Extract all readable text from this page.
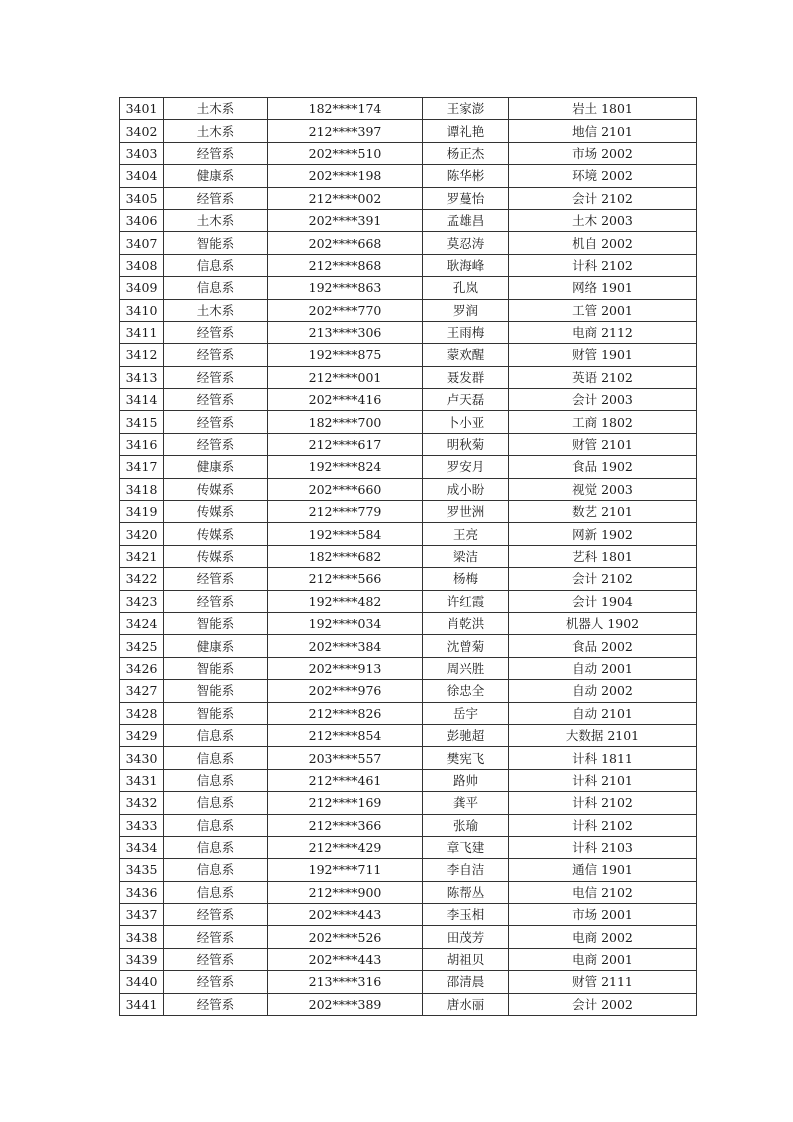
3401	土木系	182****174	王家澎	岩土 1801
3402	土木系	212****397	谭礼艳	地信 2101
3403	经管系	202****510	杨正杰	市场 2002
3404	健康系	202****198	陈华彬	环境 2002
3405	经管系	212****002	罗蔓怡	会计 2102
3406	土木系	202****391	孟雄昌	土木 2003
3407	智能系	202****668	莫忍涛	机自 2002
3408	信息系	212****868	耿海峰	计科 2102
3409	信息系	192****863	孔岚	网络 1901
3410	土木系	202****770	罗润	工管 2001
3411	经管系	213****306	王雨梅	电商 2112
3412	经管系	192****875	蒙欢醒	财管 1901
3413	经管系	212****001	聂发群	英语 2102
3414	经管系	202****416	卢天磊	会计 2003
3415	经管系	182****700	卜小亚	工商 1802
3416	经管系	212****617	明秋菊	财管 2101
3417	健康系	192****824	罗安月	食品 1902
3418	传媒系	202****660	成小盼	视觉 2003
3419	传媒系	212****779	罗世洲	数艺 2101
3420	传媒系	192****584	王亮	网新 1902
3421	传媒系	182****682	梁洁	艺科 1801
3422	经管系	212****566	杨梅	会计 2102
3423	经管系	192****482	许红霞	会计 1904
3424	智能系	192****034	肖乾洪	机器人 1902
3425	健康系	202****384	沈曾菊	食品 2002
3426	智能系	202****913	周兴胜	自动 2001
3427	智能系	202****976	徐忠全	自动 2002
3428	智能系	212****826	岳宇	自动 2101
3429	信息系	212****854	彭驰超	大数据 2101
3430	信息系	203****557	樊宪飞	计科 1811
3431	信息系	212****461	路帅	计科 2101
3432	信息系	212****169	龚平	计科 2102
3433	信息系	212****366	张瑜	计科 2102
3434	信息系	212****429	章飞建	计科 2103
3435	信息系	192****711	李自洁	通信 1901
3436	信息系	212****900	陈帮丛	电信 2102
3437	经管系	202****443	李玉相	市场 2001
3438	经管系	202****526	田茂芳	电商 2002
3439	经管系	202****443	胡祖贝	电商 2001
3440	经管系	213****316	邵清晨	财管 2111
3441	经管系	202****389	唐水丽	会计 2002
